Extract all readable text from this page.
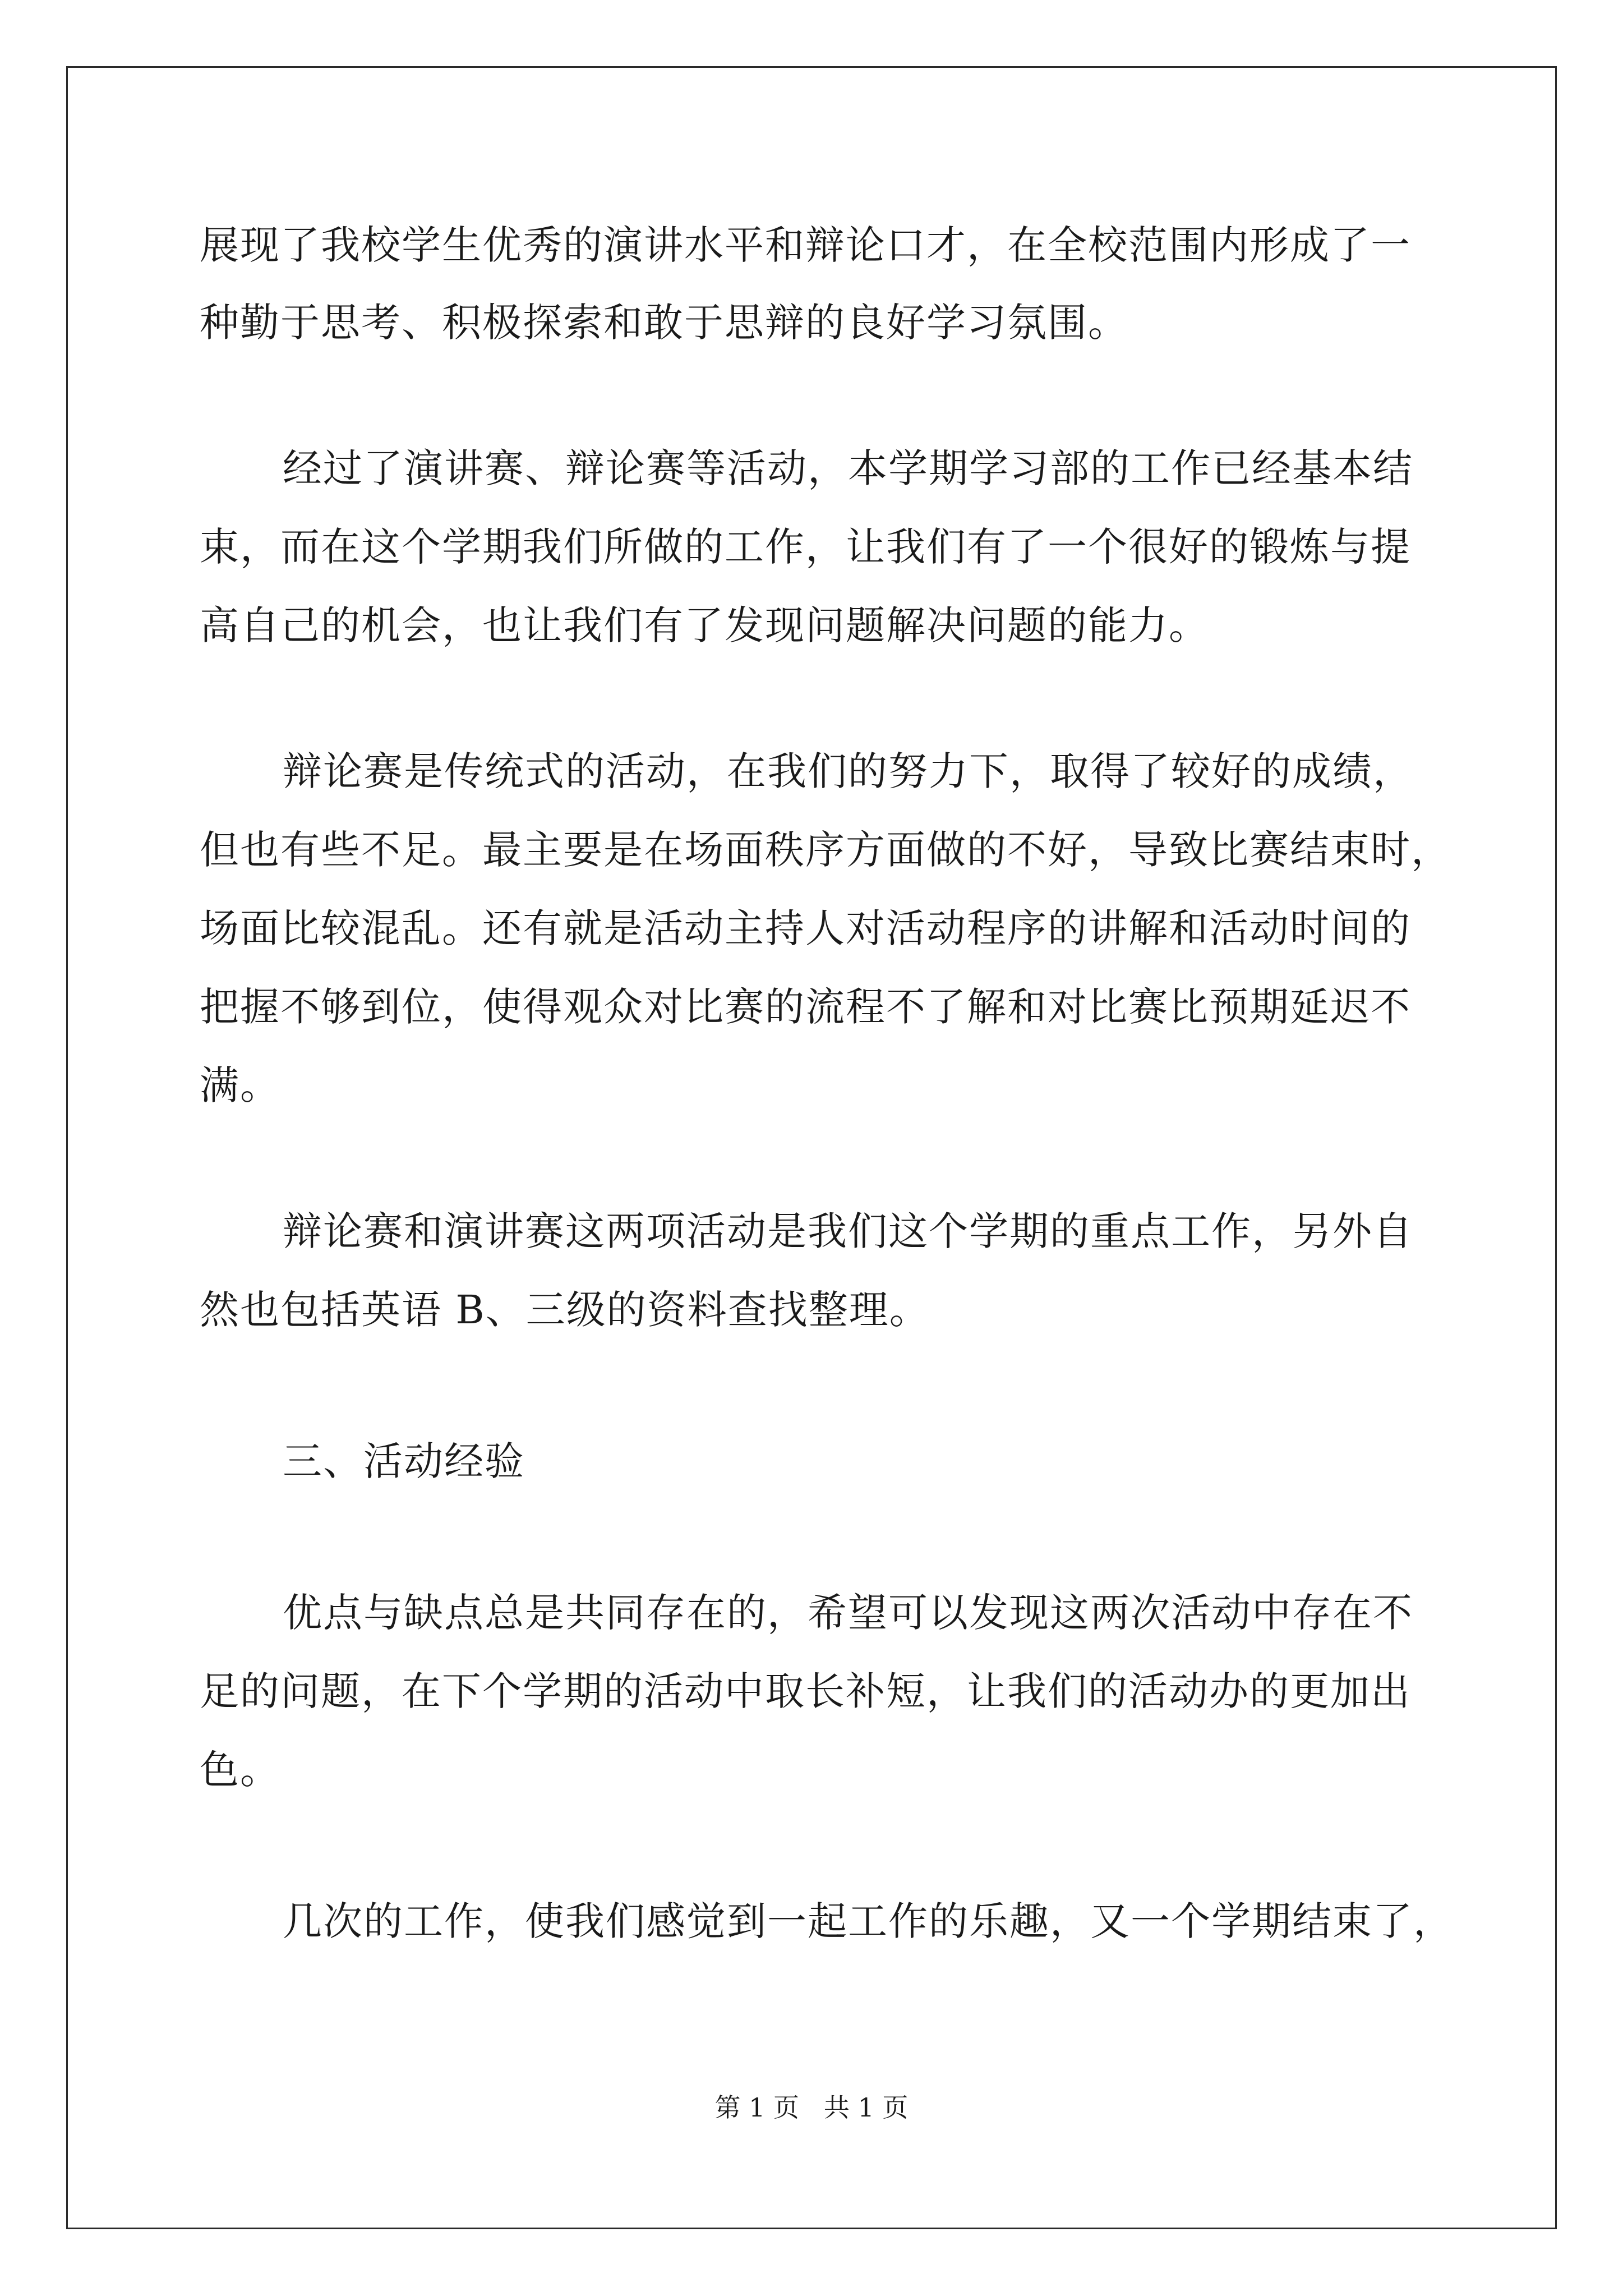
展现了我校学生优秀的演讲水平和辩论口才，在全校范围内形成了一
种勤于思考、积极探索和敢于思辩的良好学习氛围。
经过了演讲赛、辩论赛等活动，本学期学习部的工作已经基本结
束，而在这个学期我们所做的工作，让我们有了一个很好的锻炼与提
高自己的机会，也让我们有了发现问题解决问题的能力。
辩论赛是传统式的活动，在我们的努力下，取得了较好的成绩，
但也有些不足。最主要是在场面秩序方面做的不好，导致比赛结束时，
场面比较混乱。还有就是活动主持人对活动程序的讲解和活动时间的
把握不够到位，使得观众对比赛的流程不了解和对比赛比预期延迟不
满。
辩论赛和演讲赛这两项活动是我们这个学期的重点工作，另外自
然也包括英语 B、三级的资料查找整理。
三、活动经验
优点与缺点总是共同存在的，希望可以发现这两次活动中存在不
足的问题，在下个学期的活动中取长补短，让我们的活动办的更加出
色。
几次的工作，使我们感觉到一起工作的乐趣，又一个学期结束了，
第 1 页   共 1 页
